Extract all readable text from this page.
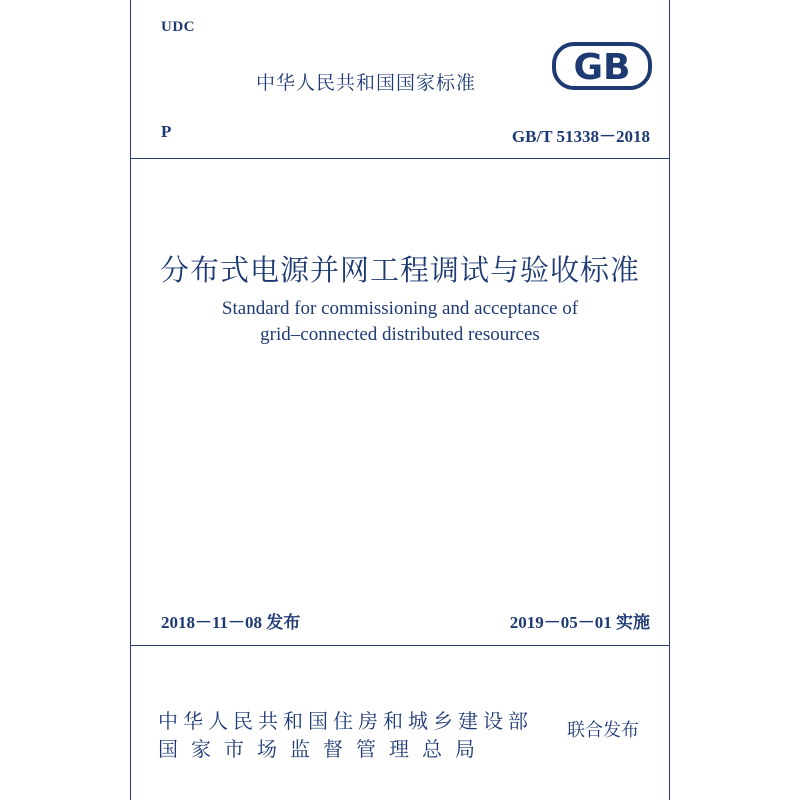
UDC
中华人民共和国国家标准	GB
P	GB/T 51338－2018
分布式电源并网工程调试与验收标准
Standard for commissioning and acceptance of
grid–connected distributed resources
2018－11－08 发布	2019－05－01 实施
中华人民共和国住房和城乡建设部
国家市场监督管理总局
联合发布
